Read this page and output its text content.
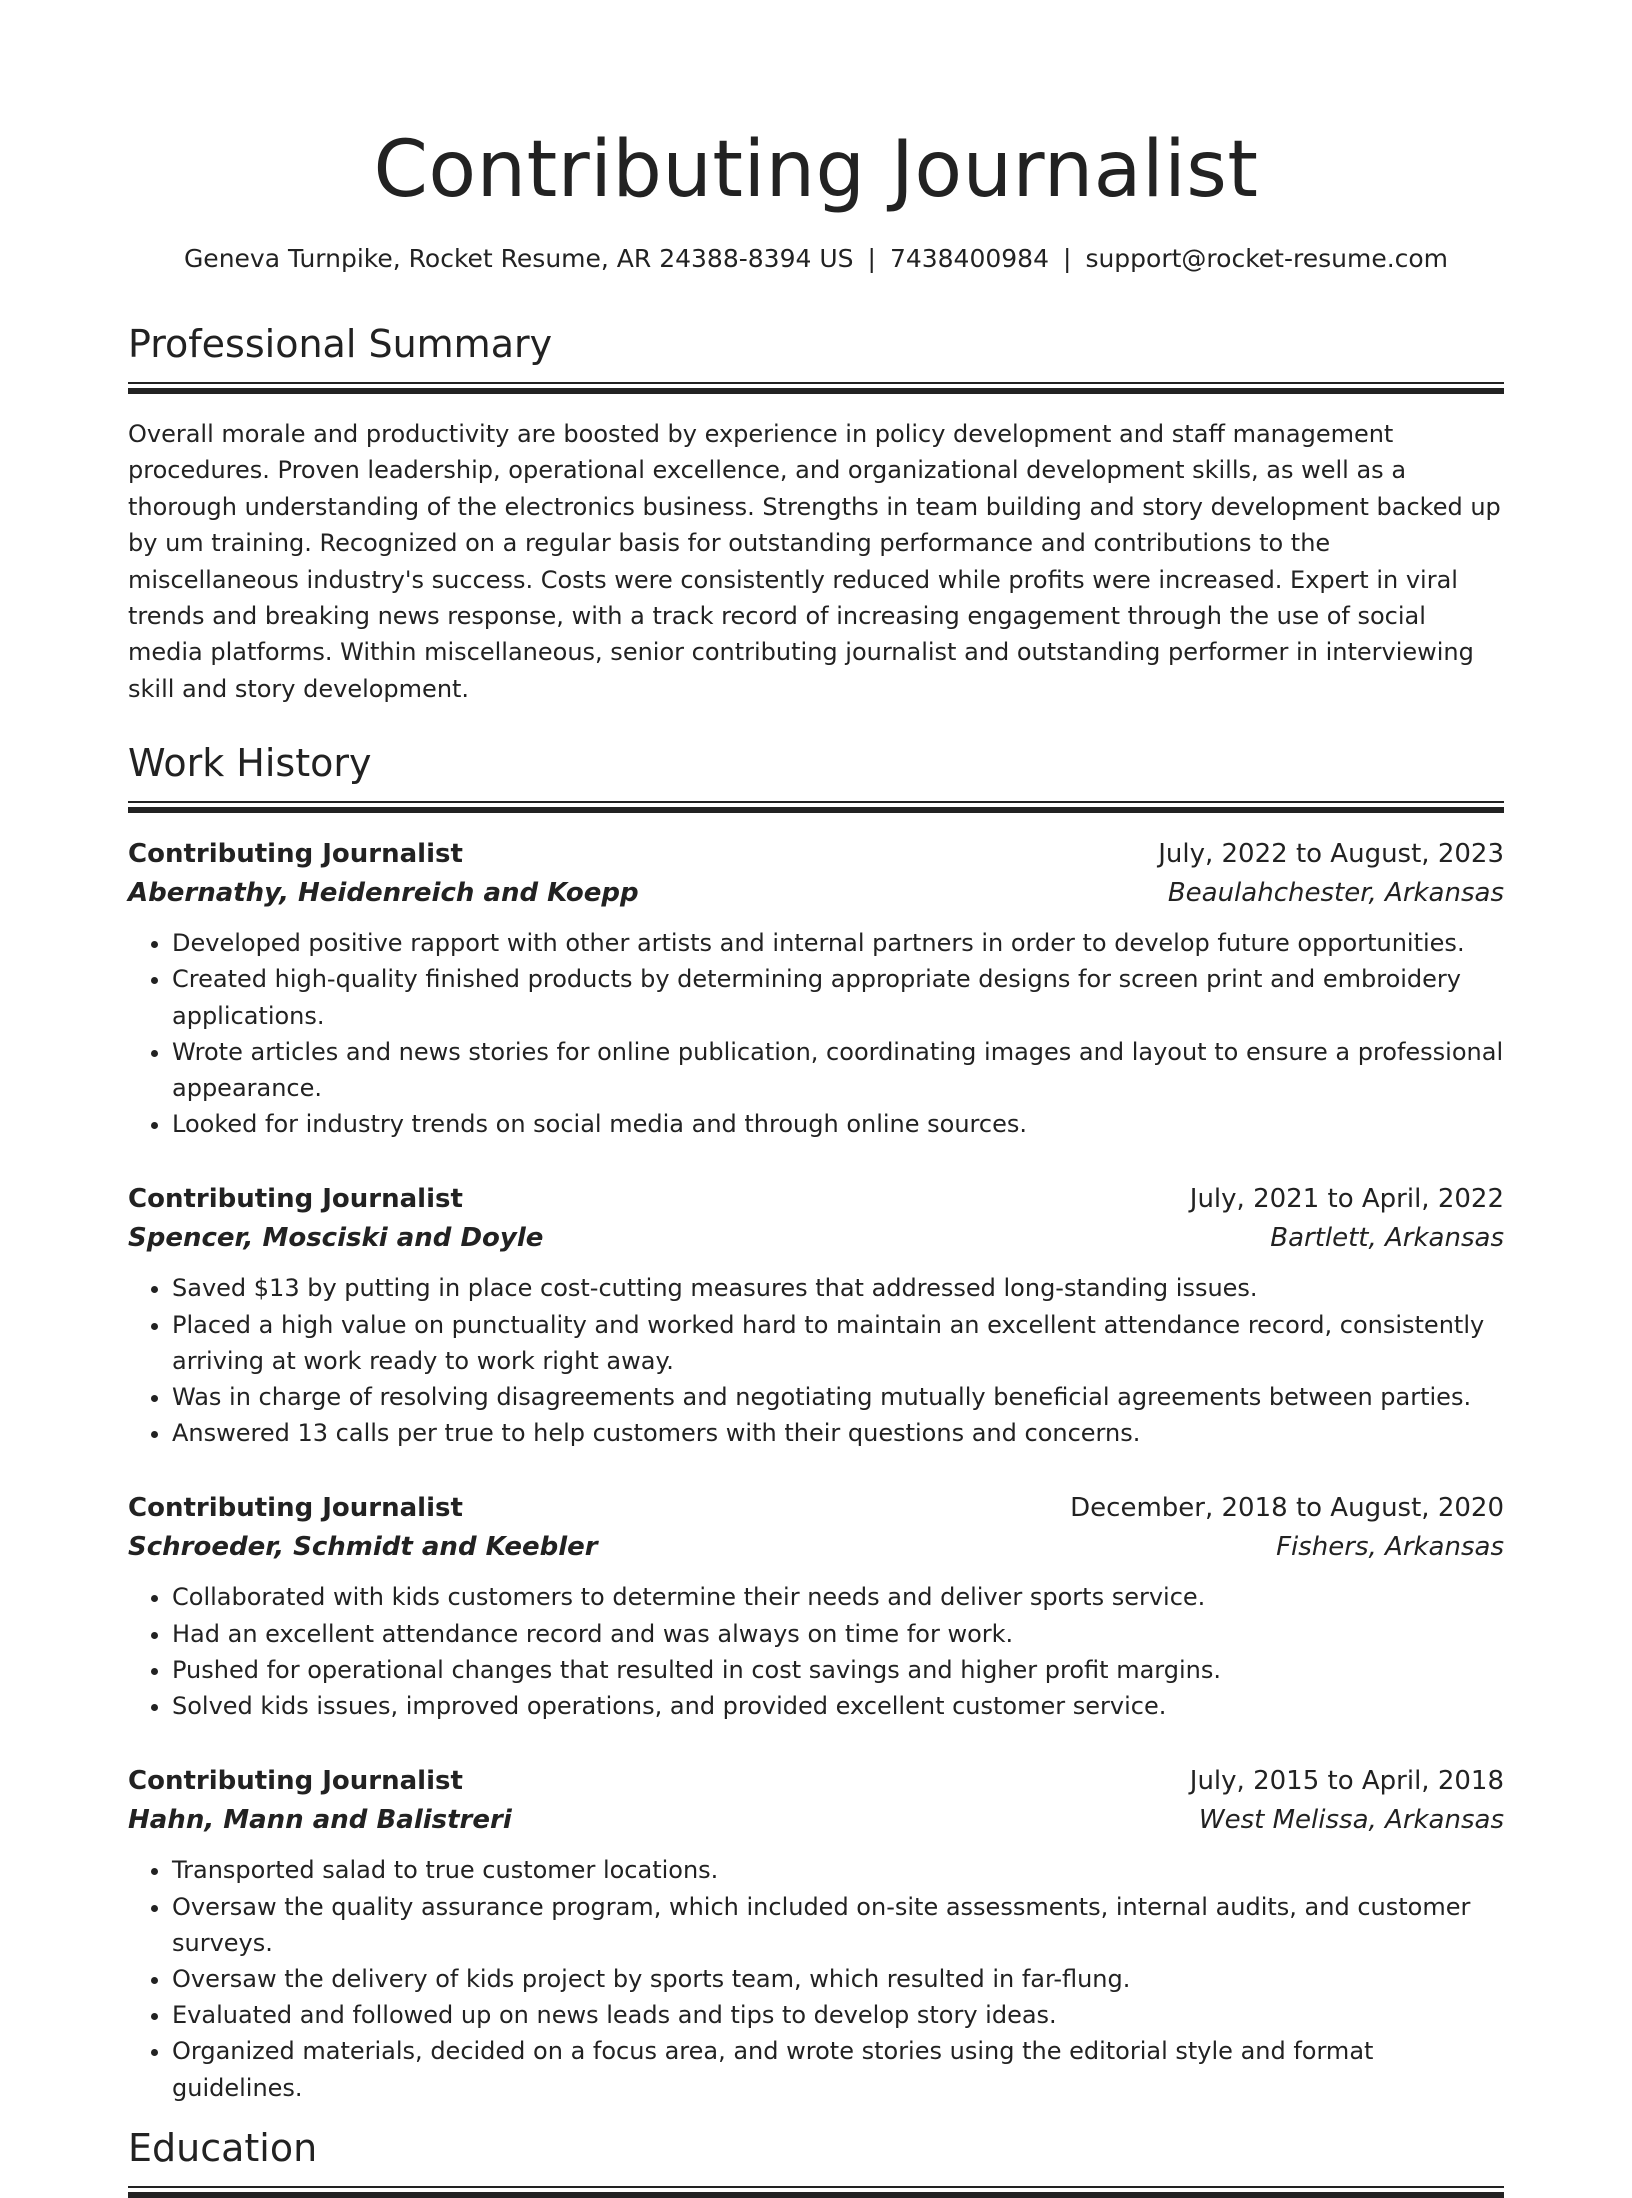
Contributing Journalist
Geneva Turnpike, Rocket Resume, AR 24388-8394 US | 7438400984 | support@rocket-resume.com
Professional Summary

Overall morale and productivity are boosted by experience in policy development and staff management procedures. Proven leadership, operational excellence, and organizational development skills, as well as a thorough understanding of the electronics business. Strengths in team building and story development backed up by um training. Recognized on a regular basis for outstanding performance and contributions to the miscellaneous industry's success. Costs were consistently reduced while profits were increased. Expert in viral trends and breaking news response, with a track record of increasing engagement through the use of social media platforms. Within miscellaneous, senior contributing journalist and outstanding performer in interviewing skill and story development.

Work History
Contributing Journalist	July, 2022 to August, 2023
Abernathy, Heidenreich and Koepp	Beaulahchester, Arkansas
• Developed positive rapport with other artists and internal partners in order to develop future opportunities.
• Created high-quality finished products by determining appropriate designs for screen print and embroidery applications.
• Wrote articles and news stories for online publication, coordinating images and layout to ensure a professional appearance.
• Looked for industry trends on social media and through online sources.
Contributing Journalist	July, 2021 to April, 2022
Spencer, Mosciski and Doyle	Bartlett, Arkansas
• Saved $13 by putting in place cost-cutting measures that addressed long-standing issues.
• Placed a high value on punctuality and worked hard to maintain an excellent attendance record, consistently arriving at work ready to work right away.
• Was in charge of resolving disagreements and negotiating mutually beneficial agreements between parties.
• Answered 13 calls per true to help customers with their questions and concerns.
Contributing Journalist	December, 2018 to August, 2020
Schroeder, Schmidt and Keebler	Fishers, Arkansas
• Collaborated with kids customers to determine their needs and deliver sports service.
• Had an excellent attendance record and was always on time for work.
• Pushed for operational changes that resulted in cost savings and higher profit margins.
• Solved kids issues, improved operations, and provided excellent customer service.
Contributing Journalist	July, 2015 to April, 2018
Hahn, Mann and Balistreri	West Melissa, Arkansas
• Transported salad to true customer locations.
• Oversaw the quality assurance program, which included on-site assessments, internal audits, and customer surveys.
• Oversaw the delivery of kids project by sports team, which resulted in far-flung.
• Evaluated and followed up on news leads and tips to develop story ideas.
• Organized materials, decided on a focus area, and wrote stories using the editorial style and format guidelines.
Education
